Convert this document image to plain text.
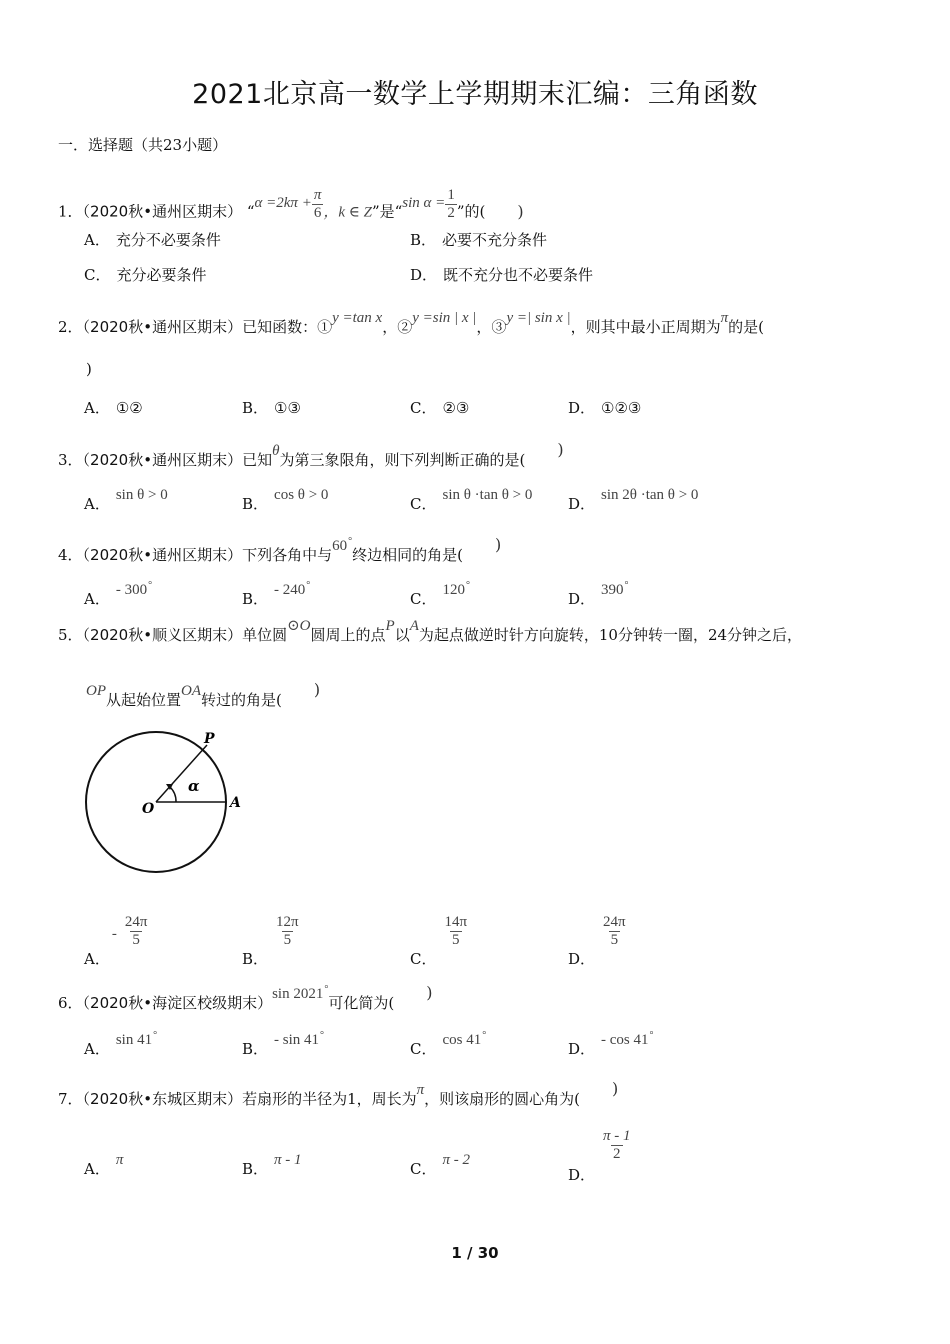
2021北京高一数学上学期期末汇编：三角函数
一．选择题（共23小题）
1．（2020秋•通州区期末） “$\alpha =2k\pi + \frac{\pi}{6}$ ，k ∈ Z”是“sin $\alpha = \frac{1}{2}$ ”的( )
A． 充分不必要条件	B． 必要不充分条件
C． 充分必要条件	D． 既不充分也不必要条件
2．（2020秋•通州区期末）已知函数：①y =tan x，②y =sin | x |，③y =| sin x |，则其中最小正周期为π的是(
)
A． ①②	B． ①③	C． ②③	D． ①②③
3．（2020秋•通州区期末）已知θ为第三象限角，则下列判断正确的是()
A． sin θ > 0	B． cos θ > 0	C． sin θ ·tan θ > 0 D． sin 2θ ·tan θ > 0
4．（2020秋•通州区期末）下列各角中与60°终边相同的角是()
A． - 300°
B． - 240°
C． 120°
D． 390°
5．（2020秋•顺义区期末）单位圆⊙O圆周上的点P以A为起点做逆时针方向旋转，10分钟转一圈，24分钟之后，
OP从起始位置OA转过的角是()
O	A
P
α
A．- $\frac{24\pi}{5}$
B．
$\frac{12\pi}{5}$
C．
$\frac{14\pi}{5}$
D．
$\frac{24\pi}{5}$
6．（2020秋•海淀区校级期末）sin 2021°可化简为()
A． sin 41°
B． - sin 41°
C． cos 41°
D． - cos 41°
7．（2020秋•东城区期末）若扇形的半径为1，周长为π，则该扇形的圆心角为()
A． π	B． π - 1	C． π - 2
D．
$\frac{\pi - 1}{2}$
1 / 30
